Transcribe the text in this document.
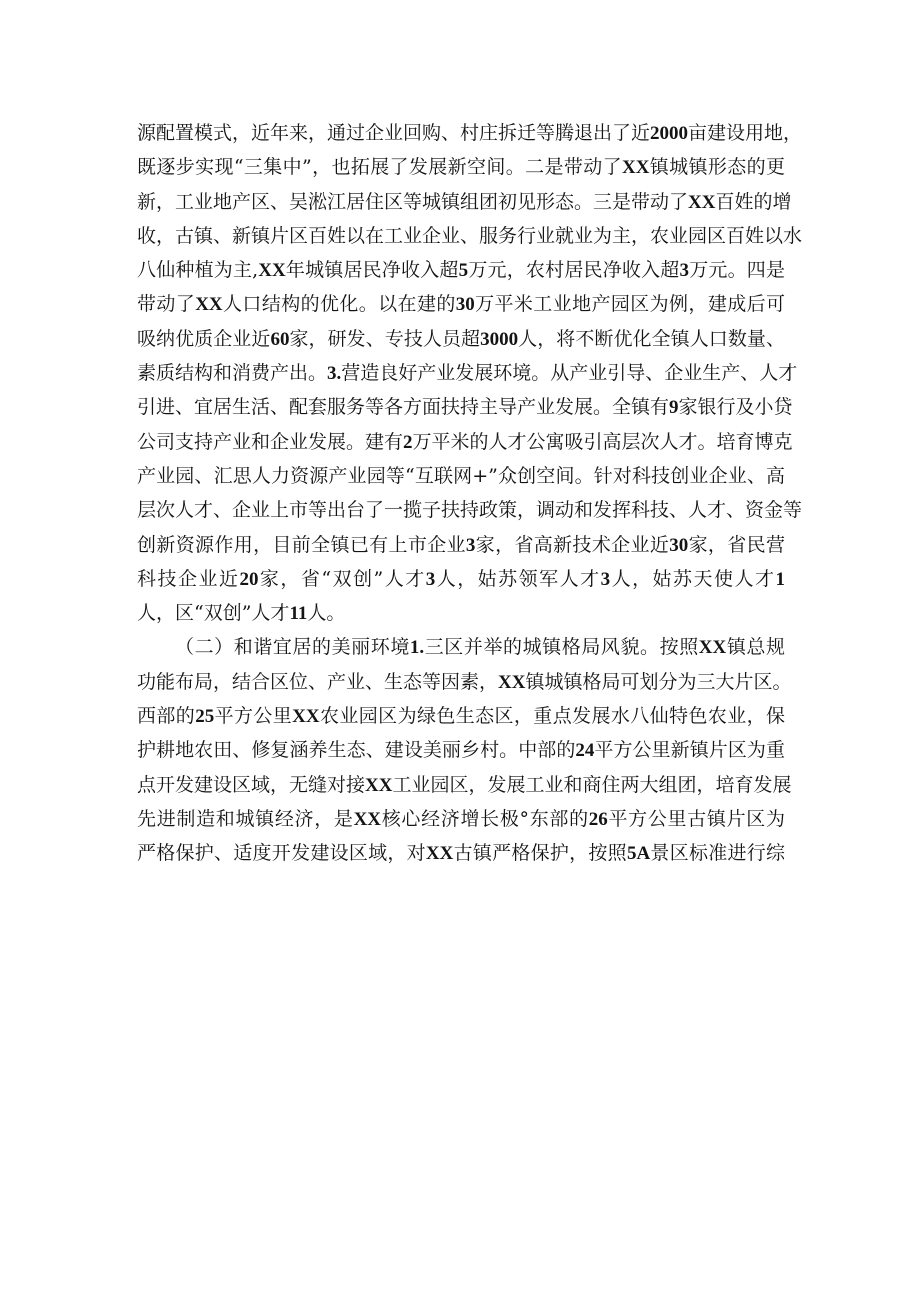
源配置模式，近年来，通过企业回购、村庄拆迁等腾退出了近2000亩建设用地，
既逐步实现“三集中”，也拓展了发展新空间。二是带动了XX镇城镇形态的更
新，工业地产区、吴淞江居住区等城镇组团初见形态。三是带动了XX百姓的增
收，古镇、新镇片区百姓以在工业企业、服务行业就业为主，农业园区百姓以水
八仙种植为主,XX年城镇居民净收入超5万元，农村居民净收入超3万元。四是
带动了XX人口结构的优化。以在建的30万平米工业地产园区为例，建成后可
吸纳优质企业近60家，研发、专技人员超3000人，将不断优化全镇人口数量、
素质结构和消费产出。3.营造良好产业发展环境。从产业引导、企业生产、人才
引进、宜居生活、配套服务等各方面扶持主导产业发展。全镇有9家银行及小贷
公司支持产业和企业发展。建有2万平米的人才公寓吸引高层次人才。培育博克
产业园、汇思人力资源产业园等“互联网+”众创空间。针对科技创业企业、高
层次人才、企业上市等出台了一揽子扶持政策，调动和发挥科技、人才、资金等
创新资源作用，目前全镇已有上市企业3家，省高新技术企业近30家，省民营
科技企业近20家，省“双创”人才3人，姑苏领军人才3人，姑苏天使人才1
人，区“双创”人才11人。
（二）和谐宜居的美丽环境1.三区并举的城镇格局风貌。按照XX镇总规
功能布局，结合区位、产业、生态等因素，XX镇城镇格局可划分为三大片区。
西部的25平方公里XX农业园区为绿色生态区，重点发展水八仙特色农业，保
护耕地农田、修复涵养生态、建设美丽乡村。中部的24平方公里新镇片区为重
点开发建设区域，无缝对接XX工业园区，发展工业和商住两大组团，培育发展
先进制造和城镇经济，是XX核心经济增长极°东部的26平方公里古镇片区为
严格保护、适度开发建设区域，对XX古镇严格保护，按照5A景区标准进行综
